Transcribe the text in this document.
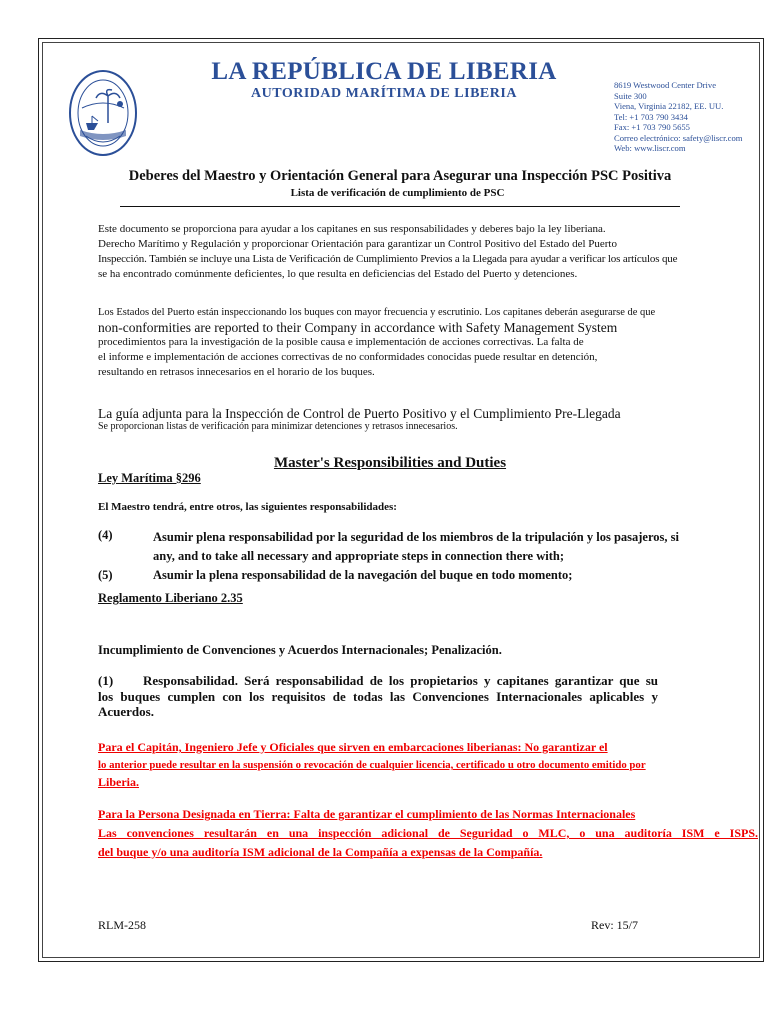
LA REPÚBLICA DE LIBERIA
AUTORIDAD MARÍTIMA DE LIBERIA
8619 Westwood Center Drive
Suite 300
Viena, Virginia 22182, EE. UU.
Tel: +1 703 790 3434
Fax: +1 703 790 5655
Correo electrónico: safety@liscr.com
Web: www.liscr.com
Deberes del Maestro y Orientación General para Asegurar una Inspección PSC Positiva
Lista de verificación de cumplimiento de PSC
Este documento se proporciona para ayudar a los capitanes en sus responsabilidades y deberes bajo la ley liberiana.
Derecho Marítimo y Regulación y proporcionar Orientación para garantizar un Control Positivo del Estado del Puerto
Inspección. También se incluye una Lista de Verificación de Cumplimiento Previos a la Llegada para ayudar a verificar los artículos que
se ha encontrado comúnmente deficientes, lo que resulta en deficiencias del Estado del Puerto y detenciones.
Los Estados del Puerto están inspeccionando los buques con mayor frecuencia y escrutinio. Los capitanes deberán asegurarse de que
non-conformities are reported to their Company in accordance with Safety Management System
procedimientos para la investigación de la posible causa e implementación de acciones correctivas. La falta de
el informe e implementación de acciones correctivas de no conformidades conocidas puede resultar en detención,
resultando en retrasos innecesarios en el horario de los buques.
La guía adjunta para la Inspección de Control de Puerto Positivo y el Cumplimiento Pre-Llegada
Se proporcionan listas de verificación para minimizar detenciones y retrasos innecesarios.
Master's Responsibilities and Duties
Ley Marítima §296
El Maestro tendrá, entre otros, las siguientes responsabilidades:
(4)	Asumir plena responsabilidad por la seguridad de los miembros de la tripulación y los pasajeros, si
any, and to take all necessary and appropriate steps in connection there with;
(5)	Asumir la plena responsabilidad de la navegación del buque en todo momento;
Reglamento Liberiano 2.35
Incumplimiento de Convenciones y Acuerdos Internacionales; Penalización.
(1)	Responsabilidad. Será responsabilidad de los propietarios y capitanes garantizar que su
los buques cumplen con los requisitos de todas las Convenciones Internacionales aplicables y
Acuerdos.
Para el Capitán, Ingeniero Jefe y Oficiales que sirven en embarcaciones liberianas: No garantizar el
lo anterior puede resultar en la suspensión o revocación de cualquier licencia, certificado u otro documento emitido por
Liberia.
Para la Persona Designada en Tierra: Falta de garantizar el cumplimiento de las Normas Internacionales
Las convenciones resultarán en una inspección adicional de Seguridad o MLC, o una auditoría ISM e ISPS.
del buque y/o una auditoría ISM adicional de la Compañía a expensas de la Compañía.
RLM-258	Rev: 15/7
